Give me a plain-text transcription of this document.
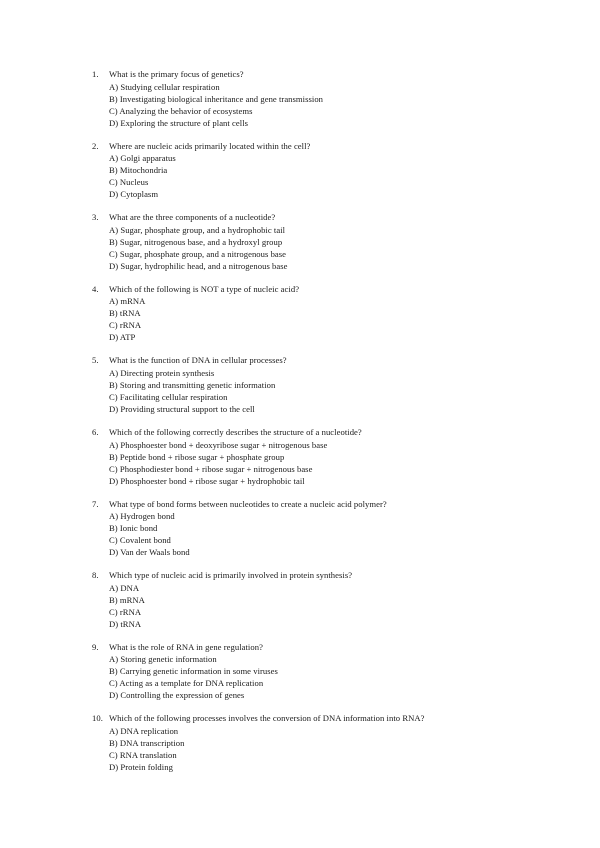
1.	What is the primary focus of genetics?
A) Studying cellular respiration
B) Investigating biological inheritance and gene transmission
C) Analyzing the behavior of ecosystems
D) Exploring the structure of plant cells
2.	Where are nucleic acids primarily located within the cell?
A) Golgi apparatus
B) Mitochondria
C) Nucleus
D) Cytoplasm
3.	What are the three components of a nucleotide?
A) Sugar, phosphate group, and a hydrophobic tail
B) Sugar, nitrogenous base, and a hydroxyl group
C) Sugar, phosphate group, and a nitrogenous base
D) Sugar, hydrophilic head, and a nitrogenous base
4.	Which of the following is NOT a type of nucleic acid?
A) mRNA
B) tRNA
C) rRNA
D) ATP
5.	What is the function of DNA in cellular processes?
A) Directing protein synthesis
B) Storing and transmitting genetic information
C) Facilitating cellular respiration
D) Providing structural support to the cell
6.	Which of the following correctly describes the structure of a nucleotide?
A) Phosphoester bond + deoxyribose sugar + nitrogenous base
B) Peptide bond + ribose sugar + phosphate group
C) Phosphodiester bond + ribose sugar + nitrogenous base
D) Phosphoester bond + ribose sugar + hydrophobic tail
7.	What type of bond forms between nucleotides to create a nucleic acid polymer?
A) Hydrogen bond
B) Ionic bond
C) Covalent bond
D) Van der Waals bond
8.	Which type of nucleic acid is primarily involved in protein synthesis?
A) DNA
B) mRNA
C) rRNA
D) tRNA
9.	What is the role of RNA in gene regulation?
A) Storing genetic information
B) Carrying genetic information in some viruses
C) Acting as a template for DNA replication
D) Controlling the expression of genes
10. Which of the following processes involves the conversion of DNA information into RNA?
A) DNA replication
B) DNA transcription
C) RNA translation
D) Protein folding
